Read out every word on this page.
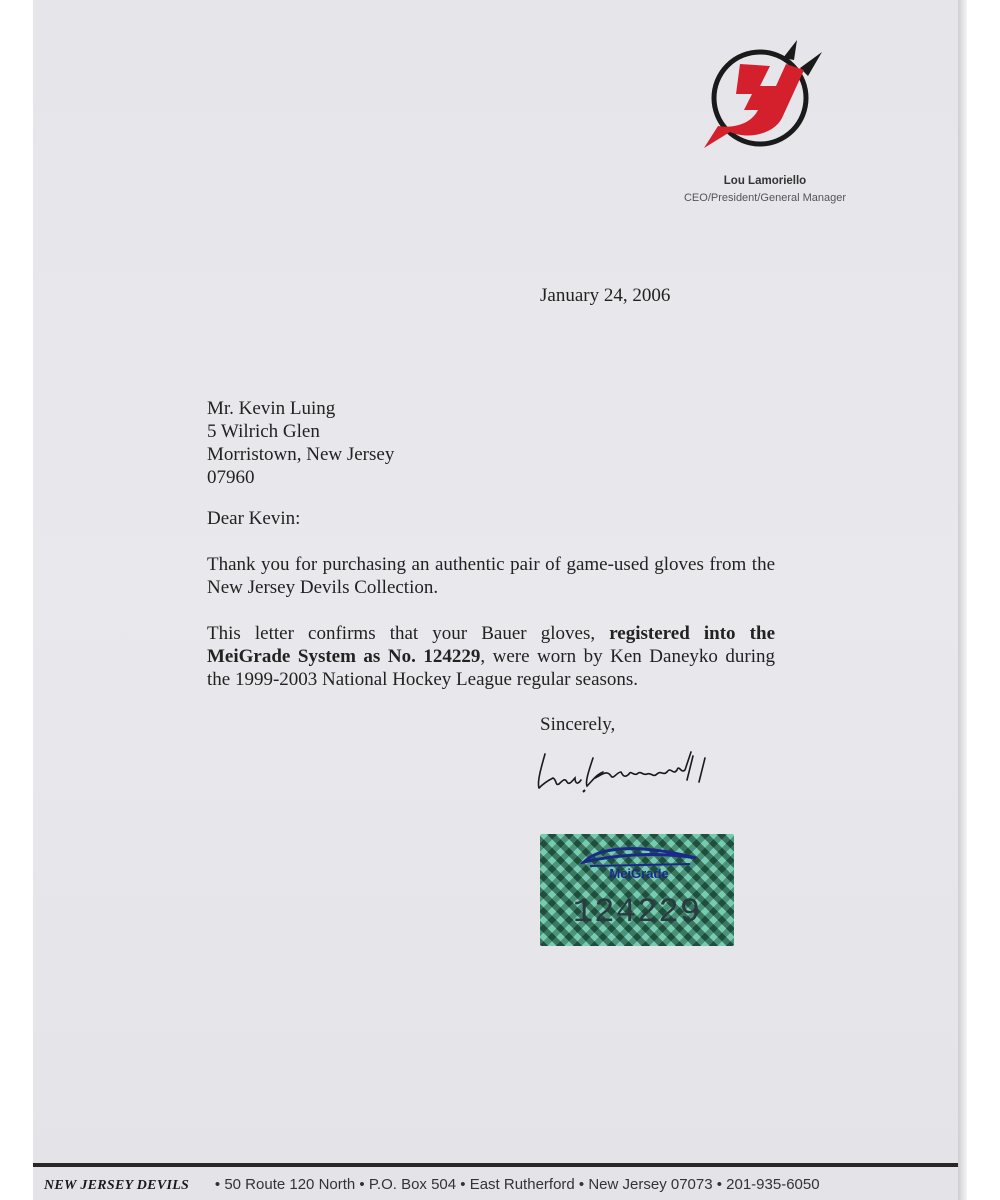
Lou Lamoriello
CEO/President/General Manager
January 24, 2006
Mr. Kevin Luing
5 Wilrich Glen
Morristown, New Jersey
07960
Dear Kevin:
Thank you for purchasing an authentic pair of game-used gloves from the New Jersey Devils Collection.
This letter confirms that your Bauer gloves, registered into the MeiGrade System as No. 124229, were worn by Ken Daneyko during the 1999-2003 National Hockey League regular seasons.
Sincerely,
MeiGrade
124229
NEW JERSEY DEVILS • 50 Route 120 North • P.O. Box 504 • East Rutherford • New Jersey 07073 • 201-935-6050
